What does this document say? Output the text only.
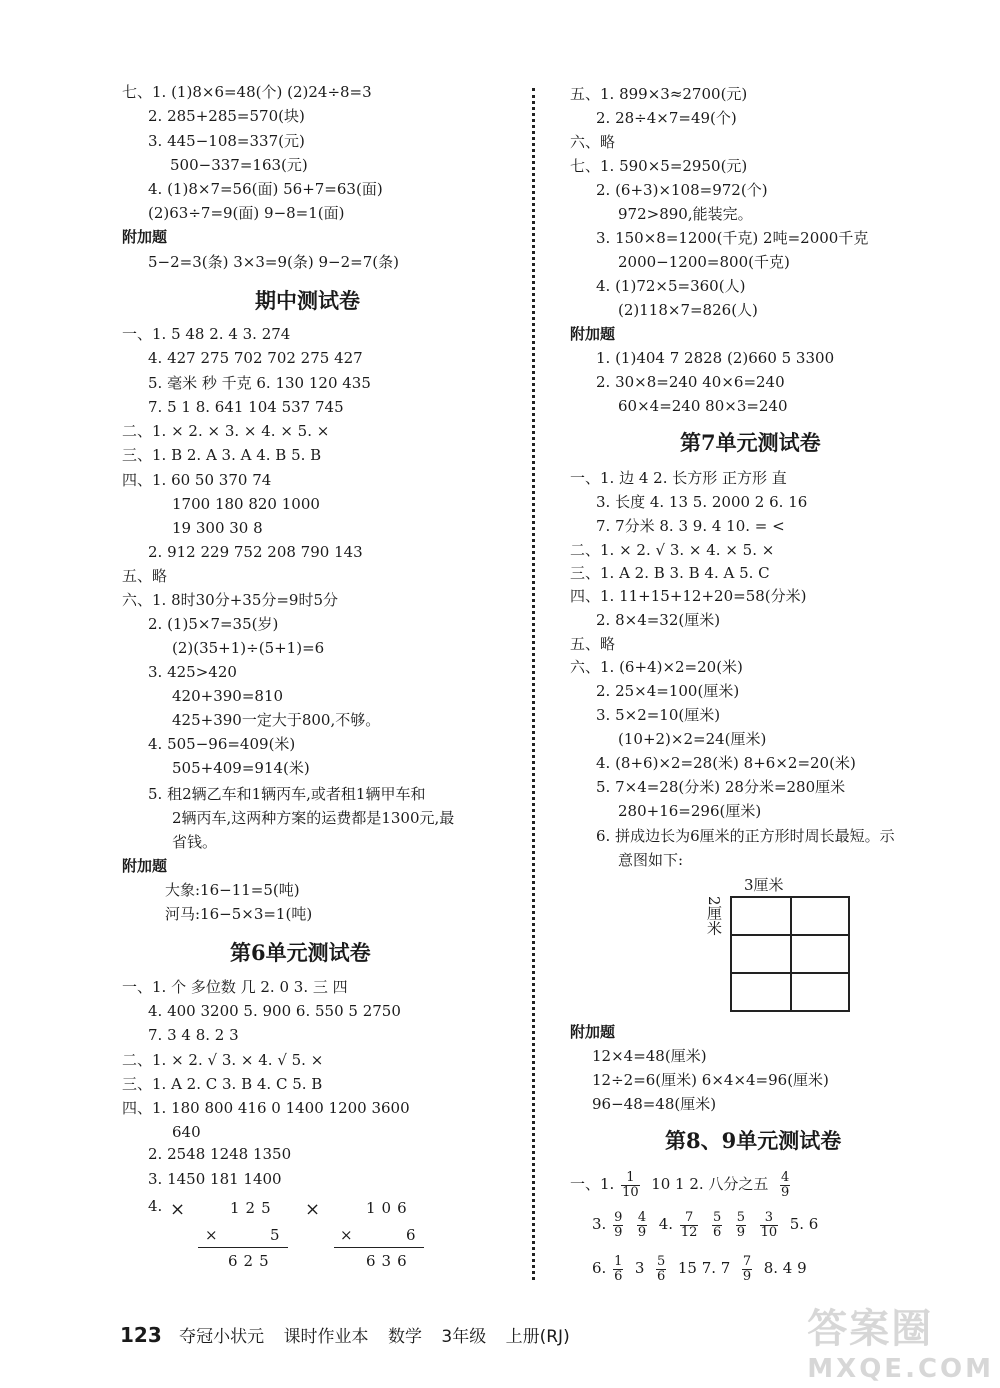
七、1. (1)8×6=48(个) (2)24÷8=3
2. 285+285=570(块)
3. 445−108=337(元)
500−337=163(元)
4. (1)8×7=56(面) 56+7=63(面)
(2)63÷7=9(面) 9−8=1(面)
附加题
5−2=3(条) 3×3=9(条) 9−2=7(条)
期中测试卷
一、1. 5 48 2. 4 3. 274
4. 427 275 702 702 275 427
5. 毫米 秒 千克 6. 130 120 435
7. 5 1 8. 641 104 537 745
二、1. × 2. × 3. × 4. × 5. ×
三、1. B 2. A 3. A 4. B 5. B
四、1. 60 50 370 74
1700 180 820 1000
19 300 30 8
2. 912 229 752 208 790 143
五、略
六、1. 8时30分+35分=9时5分
2. (1)5×7=35(岁)
(2)(35+1)÷(5+1)=6
3. 425>420
420+390=810
425+390一定大于800,不够。
4. 505−96=409(米)
505+409=914(米)
5. 租2辆乙车和1辆丙车,或者租1辆甲车和
2辆丙车,这两种方案的运费都是1300元,最
省钱。
附加题
大象:16−11=5(吨)
河马:16−5×3=1(吨)
第6单元测试卷
一、1. 个 多位数 几 2. 0 3. 三 四
4. 400 3200 5. 900 6. 550 5 2750
7. 3 4 8. 2 3
二、1. × 2. √ 3. × 4. √ 5. ×
三、1. A 2. C 3. B 4. C 5. B
四、1. 180 800 416 0 1400 1200 3600
640
2. 2548 1248 1350
3. 1450 181 1400
4. ×	125
×	5
625
×	106
×	6
636
五、1. 899×3≈2700(元)
2. 28÷4×7=49(个)
六、略
七、1. 590×5=2950(元)
2. (6+3)×108=972(个)
972>890,能装完。
3. 150×8=1200(千克) 2吨=2000千克
2000−1200=800(千克)
4. (1)72×5=360(人)
(2)118×7=826(人)
附加题
1. (1)404 7 2828 (2)660 5 3300
2. 30×8=240 40×6=240
60×4=240 80×3=240
第7单元测试卷
一、1. 边 4 2. 长方形 正方形 直
3. 长度 4. 13 5. 2000 2 6. 16
7. 7分米 8. 3 9. 4 10. = <
二、1. × 2. √ 3. × 4. × 5. ×
三、1. A 2. B 3. B 4. A 5. C
四、1. 11+15+12+20=58(分米)
2. 8×4=32(厘米)
五、略
六、1. (6+4)×2=20(米)
2. 25×4=100(厘米)
3. 5×2=10(厘米)
(10+2)×2=24(厘米)
4. (8+6)×2=28(米) 8+6×2=20(米)
5. 7×4=28(分米) 28分米=280厘米
280+16=296(厘米)
6. 拼成边长为6厘米的正方形时周长最短。示
意图如下:
3厘米
2厘米
附加题
12×4=48(厘米)
12÷2=6(厘米) 6×4×4=96(厘米)
96−48=48(厘米)
第8、9单元测试卷
一、1. $\frac{1}{10} 10$ 1 2. 八分之五 $\frac{4}{9}$
3. $\frac{9}{9}$
$\frac{4}{9} 4$. $\frac{7}{12}$
$\frac{5}{6}$
$\frac{5}{9}$
$\frac{3}{10} 5$. 6
6. $\frac{1}{6} 3 \frac{5}{6} 15$ 7. $7 \frac{7}{9} 8$. 4 9
123 夺冠小状元 课时作业本 数学 3年级 上册(RJ)	答案圈
MXQE.COM
